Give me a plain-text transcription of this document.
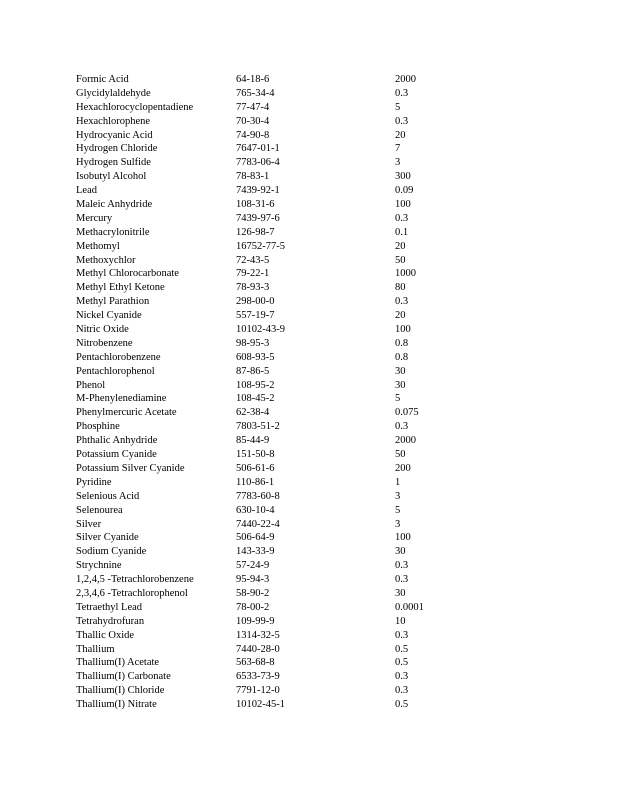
Formic Acid	64-18-6	2000
Glycidylaldehyde	765-34-4	0.3
Hexachlorocyclopentadiene	77-47-4	5
Hexachlorophene	70-30-4	0.3
Hydrocyanic Acid	74-90-8	20
Hydrogen Chloride	7647-01-1	7
Hydrogen Sulfide	7783-06-4	3
Isobutyl Alcohol	78-83-1	300
Lead	7439-92-1	0.09
Maleic Anhydride	108-31-6	100
Mercury	7439-97-6	0.3
Methacrylonitrile	126-98-7	0.1
Methomyl	16752-77-5	20
Methoxychlor	72-43-5	50
Methyl Chlorocarbonate	79-22-1	1000
Methyl Ethyl Ketone	78-93-3	80
Methyl Parathion	298-00-0	0.3
Nickel Cyanide	557-19-7	20
Nitric Oxide	10102-43-9	100
Nitrobenzene	98-95-3	0.8
Pentachlorobenzene	608-93-5	0.8
Pentachlorophenol	87-86-5	30
Phenol	108-95-2	30
M-Phenylenediamine	108-45-2	5
Phenylmercuric Acetate	62-38-4	0.075
Phosphine	7803-51-2	0.3
Phthalic Anhydride	85-44-9	2000
Potassium Cyanide	151-50-8	50
Potassium Silver Cyanide	506-61-6	200
Pyridine	110-86-1	1
Selenious Acid	7783-60-8	3
Selenourea	630-10-4	5
Silver	7440-22-4	3
Silver Cyanide	506-64-9	100
Sodium Cyanide	143-33-9	30
Strychnine	57-24-9	0.3
1,2,4,5 -Tetrachlorobenzene	95-94-3	0.3
2,3,4,6 -Tetrachlorophenol	58-90-2	30
Tetraethyl Lead	78-00-2	0.0001
Tetrahydrofuran	109-99-9	10
Thallic Oxide	1314-32-5	0.3
Thallium	7440-28-0	0.5
Thallium(I) Acetate	563-68-8	0.5
Thallium(I) Carbonate	6533-73-9	0.3
Thallium(I) Chloride	7791-12-0	0.3
Thallium(I) Nitrate	10102-45-1	0.5
